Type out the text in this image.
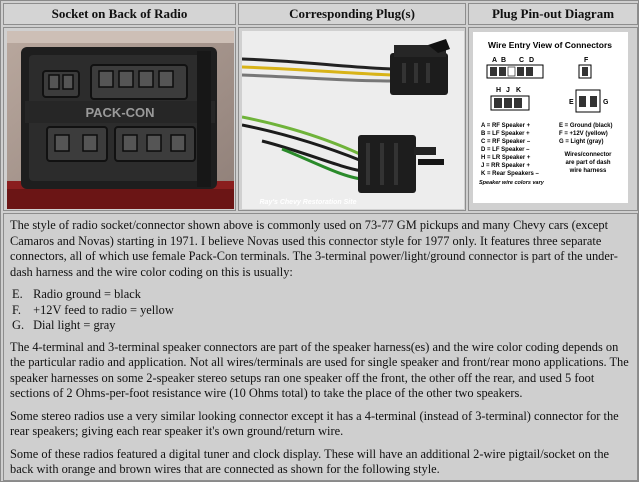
Socket on Back of Radio	Corresponding Plug(s)	Plug Pin-out Diagram
PACK-CON
Ray's Chevy Restoration Site
Wire Entry View of Connectors
A B C D	F
H J K
E	G
A = RF Speaker +
B = LF Speaker +
C = RF Speaker –
D = LF Speaker –
H = LR Speaker +
J = RR Speaker +
K = Rear Speakers –
E = Ground (black)
F = +12V (yellow)
G = Light (gray)
Wires/connector
are part of dash
wire harness
Speaker wire colors vary

The style of radio socket/connector shown above is commonly used on 73-77 GM pickups and many Chevy cars (except Camaros and Novas) starting in 1971. I believe Novas used this connector style for 1977 only. It features three separate connectors, all of which use female Pack-Con terminals. The 3-terminal power/light/ground connector is part of the under-dash harness and the wire color coding on this is usually:

E. Radio ground = black
F. +12V feed to radio = yellow
G. Dial light = gray

The 4-terminal and 3-terminal speaker connectors are part of the speaker harness(es) and the wire color coding depends on the particular radio and application. Not all wires/terminals are used for single speaker and front/rear mono applications. The speaker harnesses on some 2-speaker stereo setups ran one speaker off the front, the other off the rear, and used 5 foot sections of 2 Ohms-per-foot resistance wire (10 Ohms total) to take the place of the other two speakers.

Some stereo radios use a very similar looking connector except it has a 4-terminal (instead of 3-terminal) connector for the rear speakers; giving each rear speaker it's own ground/return wire.

Some of these radios featured a digital tuner and clock display. These will have an additional 2-wire pigtail/socket on the back with orange and brown wires that are connected as shown for the following style.
